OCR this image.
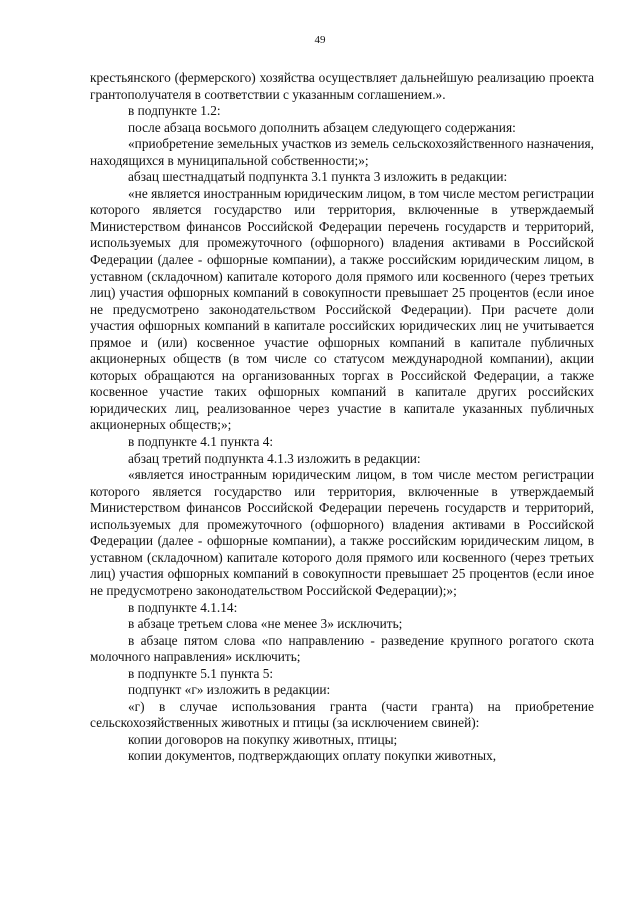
49

крестьянского (фермерского) хозяйства осуществляет дальнейшую реализацию проекта грантополучателя в соответствии с указанным соглашением.».

в подпункте 1.2:

после абзаца восьмого дополнить абзацем следующего содержания:

«приобретение земельных участков из земель сельскохозяйственного назначения, находящихся в муниципальной собственности;»;

абзац шестнадцатый подпункта 3.1 пункта 3 изложить в редакции:

«не является иностранным юридическим лицом, в том числе местом регистрации которого является государство или территория, включенные в утверждаемый Министерством финансов Российской Федерации перечень государств и территорий, используемых для промежуточного (офшорного) владения активами в Российской Федерации (далее - офшорные компании), а также российским юридическим лицом, в уставном (складочном) капитале которого доля прямого или косвенного (через третьих лиц) участия офшорных компаний в совокупности превышает 25 процентов (если иное не предусмотрено законодательством Российской Федерации). При расчете доли участия офшорных компаний в капитале российских юридических лиц не учитывается прямое и (или) косвенное участие офшорных компаний в капитале публичных акционерных обществ (в том числе со статусом международной компании), акции которых обращаются на организованных торгах в Российской Федерации, а также косвенное участие таких офшорных компаний в капитале других российских юридических лиц, реализованное через участие в капитале указанных публичных акционерных обществ;»;

в подпункте 4.1 пункта 4:

абзац третий подпункта 4.1.3 изложить в редакции:

«является иностранным юридическим лицом, в том числе местом регистрации которого является государство или территория, включенные в утверждаемый Министерством финансов Российской Федерации перечень государств и территорий, используемых для промежуточного (офшорного) владения активами в Российской Федерации (далее - офшорные компании), а также российским юридическим лицом, в уставном (складочном) капитале которого доля прямого или косвенного (через третьих лиц) участия офшорных компаний в совокупности превышает 25 процентов (если иное не предусмотрено законодательством Российской Федерации);»;

в подпункте 4.1.14:

в абзаце третьем слова «не менее 3» исключить;

в абзаце пятом слова «по направлению - разведение крупного рогатого скота молочного направления» исключить;

в подпункте 5.1 пункта 5:

подпункт «г» изложить в редакции:

«г) в случае использования гранта (части гранта) на приобретение сельскохозяйственных животных и птицы (за исключением свиней):

копии договоров на покупку животных, птицы;

копии документов, подтверждающих оплату покупки животных,
